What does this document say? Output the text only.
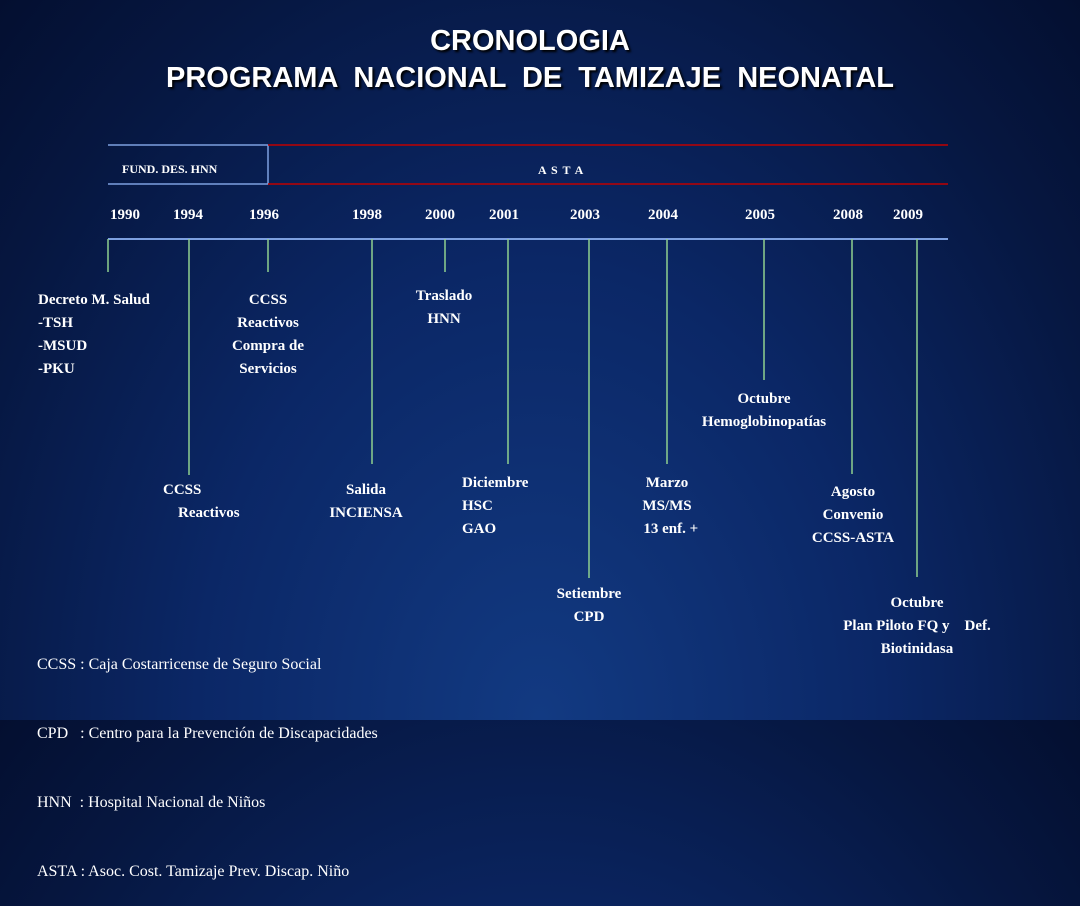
CRONOLOGIA
PROGRAMA NACIONAL DE TAMIZAJE NEONATAL
FUND. DES. HNN	A S T A
1990 1994	1996	1998	2000 2001	2003	2004	2005	2008 2009
Decreto M. Salud
-TSH
-MSUD
-PKU
CCSS
Reactivos
CCSS
Reactivos
Compra de
Servicios
Salida
INCIENSA
Traslado
HNN
Diciembre
HSC
GAO
Setiembre
CPD
Marzo
MS/MS
13 enf. +
Octubre
Hemoglobinopatías
Agosto
Convenio
CCSS-ASTA
Octubre
Plan Piloto FQ y    Def.
Biotinidasa

CCSS : Caja Costarricense de Seguro Social

CPD   : Centro para la Prevención de Discapacidades

HNN  : Hospital Nacional de Niños

ASTA : Asoc. Cost. Tamizaje Prev. Discap. Niño
